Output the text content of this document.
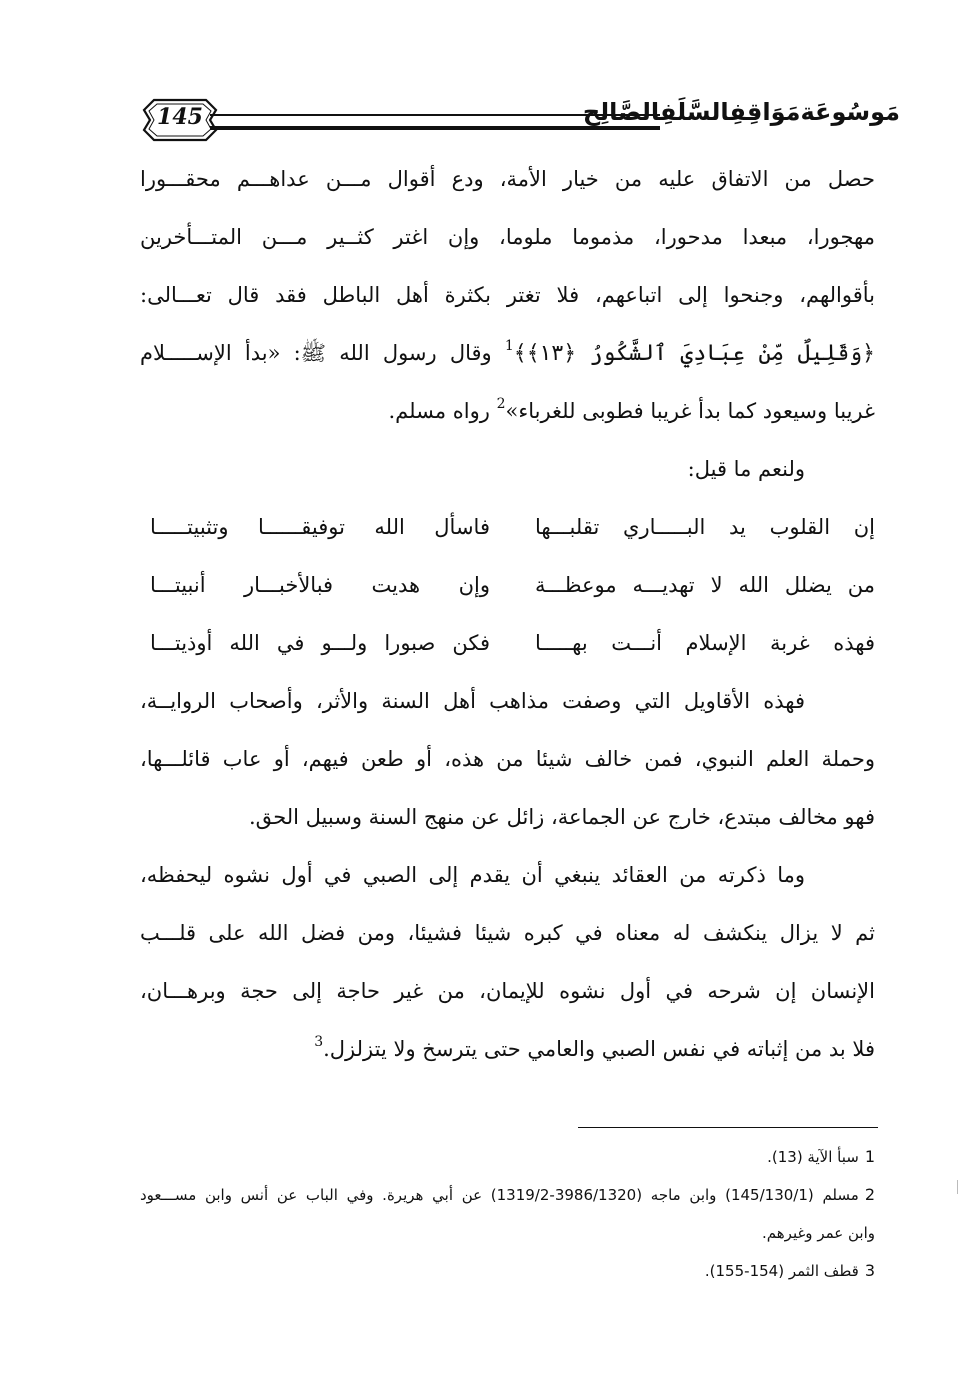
145	مَوسُوعَةمَوَاقِفِالسَّلَفِالصَّالِح
حصل من الاتفاق عليه من خيار الأمة، ودع أقوال مـــن عداهـــم محقـــورا
مهجورا، مبعدا مدحورا، مذموما ملوما، وإن اغتر كثــير مـــن المتـــأخرين
بأقوالهم، وجنحوا إلى اتباعهم، فلا تغتر بكثرة أهل الباطل فقد قال تعـــالى:
﴿وَقَلِيلٌ مِّنْ عِبَادِيَ ٱلشَّكُورُ ﴿١٣﴾﴾$^1$ وقال رسول الله ﷺ: «بدأ الإســـــلام
غريبا وسيعود كما بدأ غريبا فطوبى للغرباء»$^2$ رواه مسلم.
ولنعم ما قيل:
إن القلوب يد البـــــاري تقلبـــها
فاسأل الله توفيقــــــا وتثبيتـــــا
من يضلل الله لا تهديـــه موعظـــة
وإن هديت فبالأخبـــار أنبيتـــا
فهذه غربة الإسلام أنـــت بهـــــا
فكن صبورا ولـــو في الله أوذيتـــا
فهذه الأقاويل التي وصفت مذاهب أهل السنة والأثر، وأصحاب الروايــة،
وحملة العلم النبوي، فمن خالف شيئا من هذه، أو طعن فيهم، أو عاب قائلـــها،
فهو مخالف مبتدع، خارج عن الجماعة، زائل عن منهج السنة وسبيل الحق.
وما ذكرته من العقائد ينبغي أن يقدم إلى الصبي في أول نشوه ليحفظه،
ثم لا يزال ينكشف له معناه في كبره شيئا فشيئا، ومن فضل الله على قلـــب
الإنسان إن شرحه في أول نشوه للإيمان، من غير حاجة إلى حجة وبرهـــان،
فلا بد من إثباته في نفس الصبي والعامي حتى يترسخ ولا يتزلزل.$^3$
1سبأ الآية (13).
2مسلم (145/130/1) وابن ماجه (3986/1320-1319/2) عن أبي هريرة. وفي الباب عن أنس وابن مســـعود
وابن عمر وغيرهم.
3قطف الثمر (154-155).
